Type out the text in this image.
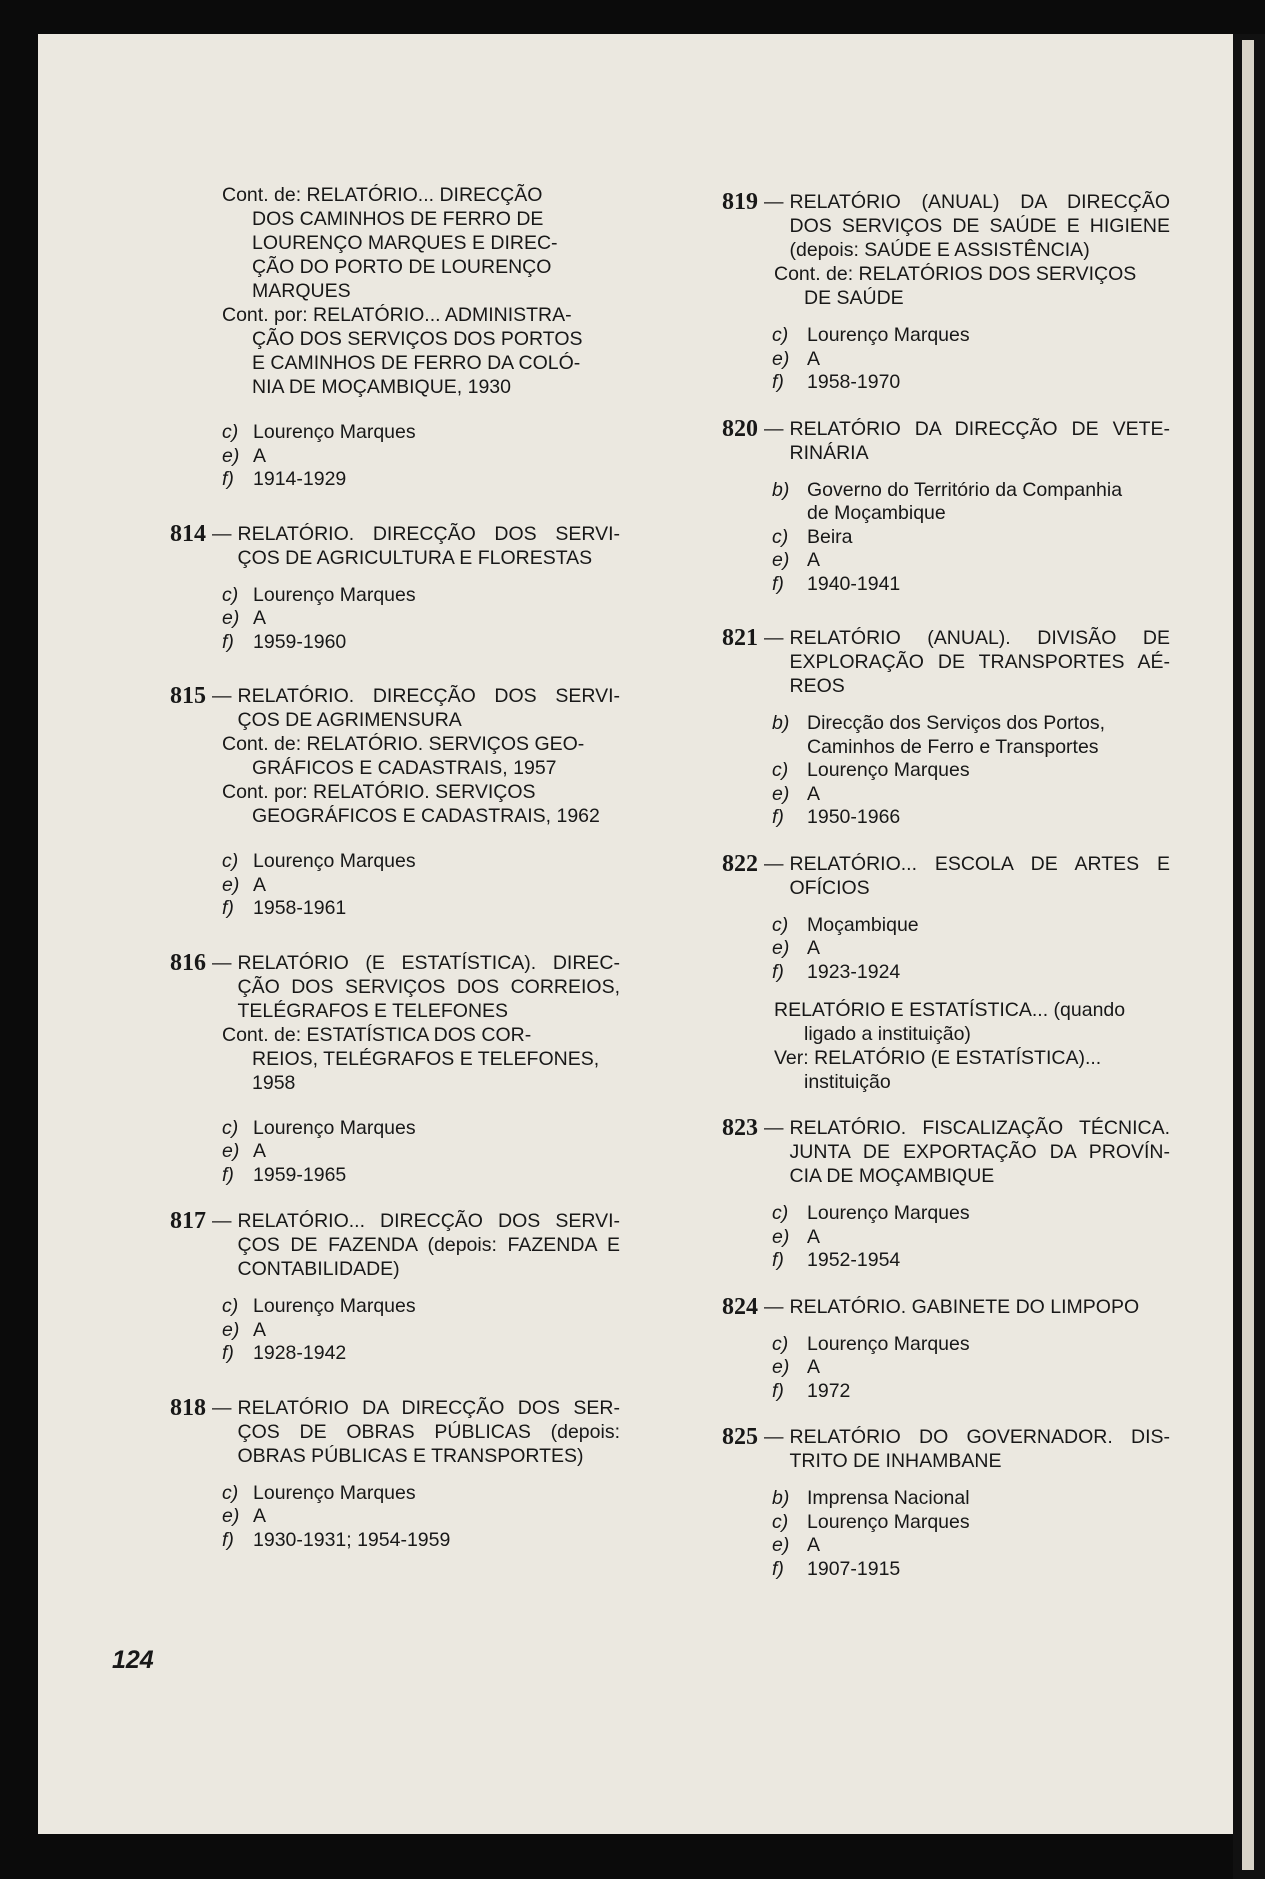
Cont. de: RELATÓRIO... DIRECÇÃO
DOS CAMINHOS DE FERRO DE
LOURENÇO MARQUES E DIREC-
ÇÃO DO PORTO DE LOURENÇO
MARQUES
Cont. por: RELATÓRIO... ADMINISTRA-
ÇÃO DOS SERVIÇOS DOS PORTOS
E CAMINHOS DE FERRO DA COLÓ-
NIA DE MOÇAMBIQUE, 1930
c) Lourenço Marques
e) A
f) 1914-1929
814 — RELATÓRIO. DIRECÇÃO DOS SERVI-ÇOS DE AGRICULTURA E FLORESTAS
c) Lourenço Marques
e) A
f) 1959-1960
815 — RELATÓRIO. DIRECÇÃO DOS SERVI-ÇOS DE AGRIMENSURA
Cont. de: RELATÓRIO. SERVIÇOS GEO-
GRÁFICOS E CADASTRAIS, 1957
Cont. por: RELATÓRIO. SERVIÇOS
GEOGRÁFICOS E CADASTRAIS, 1962
c) Lourenço Marques
e) A
f) 1958-1961
816 — RELATÓRIO (E ESTATÍSTICA). DIREC-ÇÃO DOS SERVIÇOS DOS CORREIOS, TELÉGRAFOS E TELEFONES
Cont. de: ESTATÍSTICA DOS COR-
REIOS, TELÉGRAFOS E TELEFONES,
1958
c) Lourenço Marques
e) A
f) 1959-1965
817 — RELATÓRIO... DIRECÇÃO DOS SERVI-ÇOS DE FAZENDA (depois: FAZENDA E CONTABILIDADE)
c) Lourenço Marques
e) A
f) 1928-1942
818 — RELATÓRIO DA DIRECÇÃO DOS SER-ÇOS DE OBRAS PÚBLICAS (depois: OBRAS PÚBLICAS E TRANSPORTES)
c) Lourenço Marques
e) A
f) 1930-1931; 1954-1959
819 — RELATÓRIO (ANUAL) DA DIRECÇÃO DOS SERVIÇOS DE SAÚDE E HIGIENE (depois: SAÚDE E ASSISTÊNCIA)
Cont. de: RELATÓRIOS DOS SERVIÇOS
DE SAÚDE
c) Lourenço Marques
e) A
f)	1958-1970
820 — RELATÓRIO DA DIRECÇÃO DE VETE-RINÁRIA
b) Governo do Território da Companhia
de Moçambique
c) Beira
e) A
f)	1940-1941
821 — RELATÓRIO (ANUAL). DIVISÃO DE EXPLORAÇÃO DE TRANSPORTES AÉ-REOS
b) Direcção dos Serviços dos Portos,
Caminhos de Ferro e Transportes
c) Lourenço Marques
e) A
f)	1950-1966
822 — RELATÓRIO... ESCOLA DE ARTES E OFÍCIOS
c) Moçambique
e) A
f)	1923-1924
RELATÓRIO E ESTATÍSTICA... (quando
ligado a instituição)
Ver: RELATÓRIO (E ESTATÍSTICA)...
instituição
823 — RELATÓRIO. FISCALIZAÇÃO TÉCNICA. JUNTA DE EXPORTAÇÃO DA PROVÍN-CIA DE MOÇAMBIQUE
c) Lourenço Marques
e) A
f)	1952-1954
824 — RELATÓRIO. GABINETE DO LIMPOPO
c) Lourenço Marques
e) A
f)	1972
825 — RELATÓRIO DO GOVERNADOR. DIS-TRITO DE INHAMBANE
b) Imprensa Nacional
c) Lourenço Marques
e) A
f)	1907-1915
124
